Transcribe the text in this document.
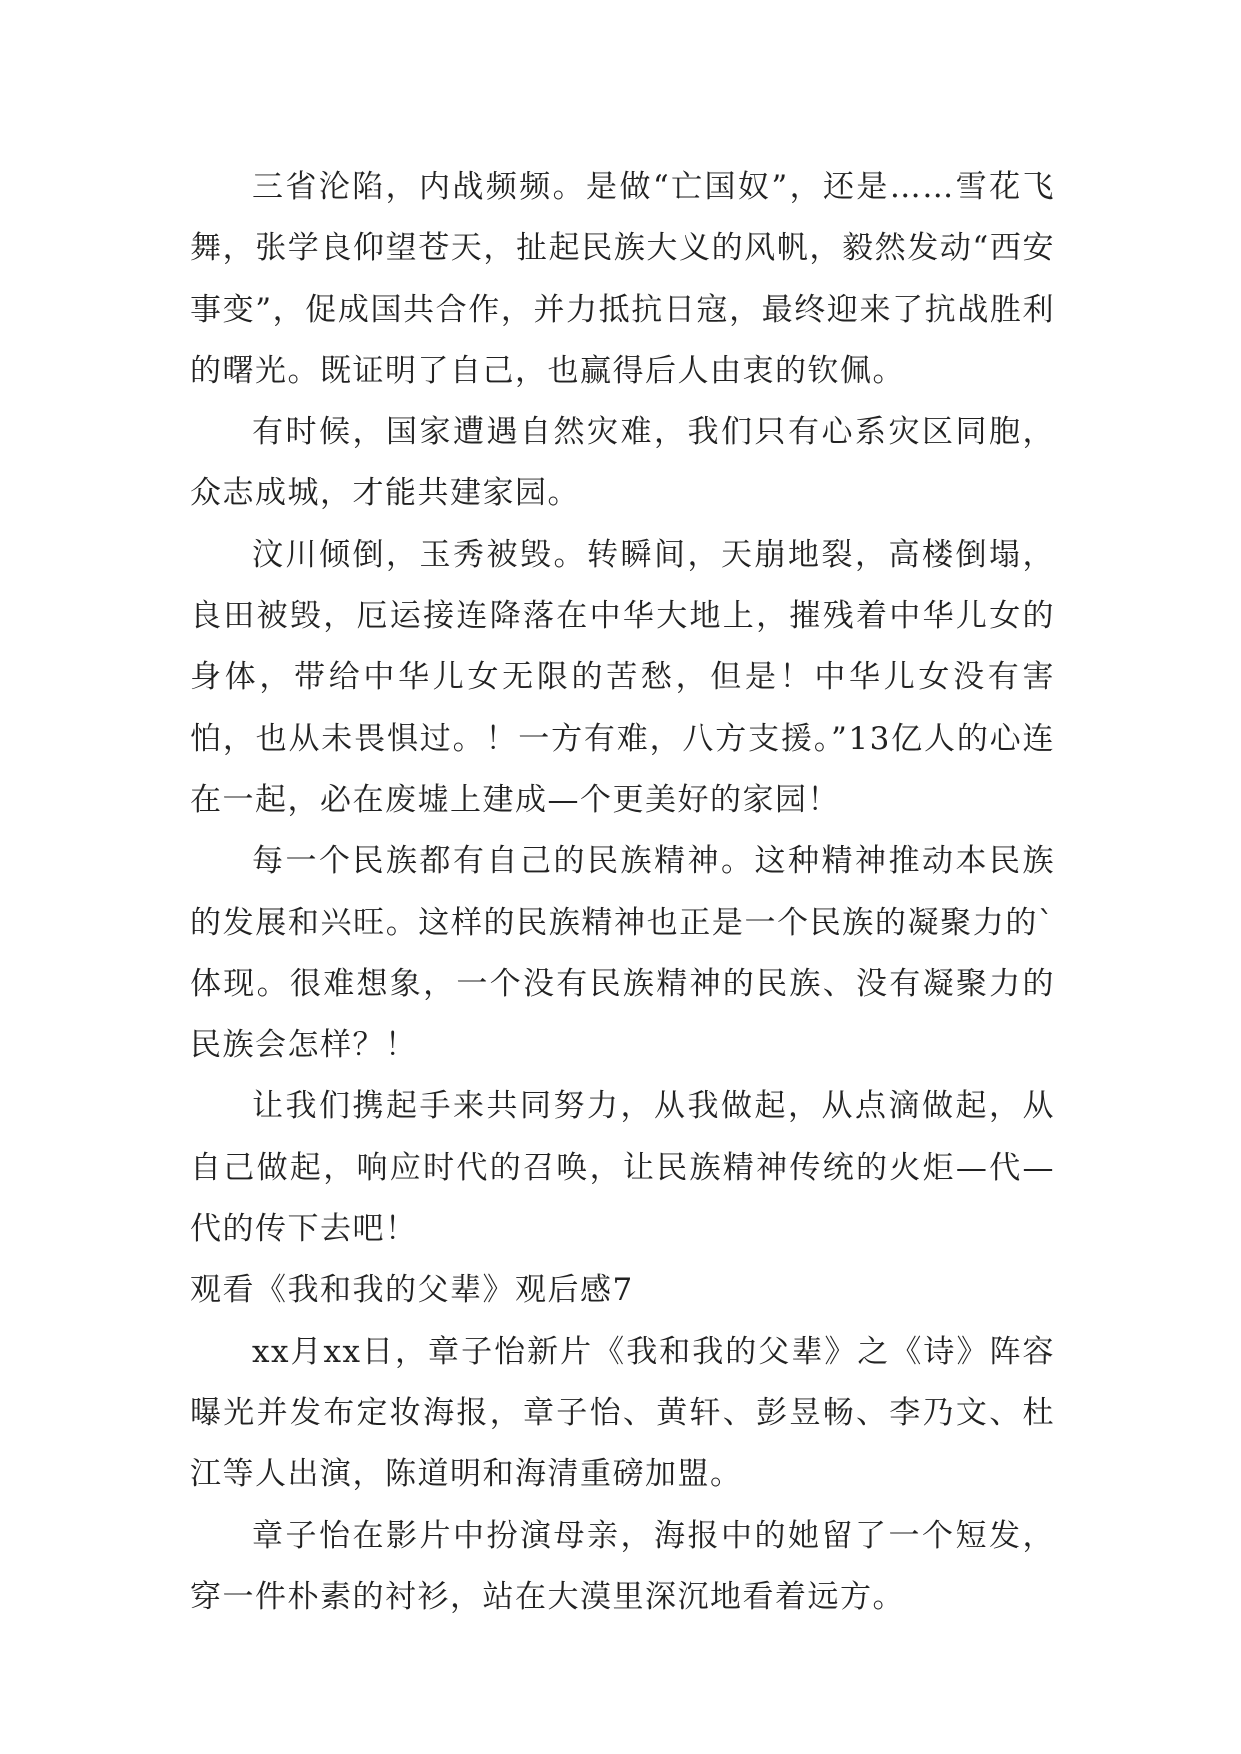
三省沦陷，内战频频。是做“亡国奴”，还是……雪花飞舞，张学良仰望苍天，扯起民族大义的风帆，毅然发动“西安事变”，促成国共合作，并力抵抗日寇，最终迎来了抗战胜利的曙光。既证明了自己，也赢得后人由衷的钦佩。

有时候，国家遭遇自然灾难，我们只有心系灾区同胞，众志成城，才能共建家园。

汶川倾倒，玉秀被毁。转瞬间，天崩地裂，高楼倒塌，良田被毁，厄运接连降落在中华大地上，摧残着中华儿女的身体，带给中华儿女无限的苦愁，但是！中华儿女没有害怕，也从未畏惧过。！一方有难，八方支援。”13亿人的心连在一起，必在废墟上建成—个更美好的家园！

每一个民族都有自己的民族精神。这种精神推动本民族的发展和兴旺。这样的民族精神也正是一个民族的凝聚力的`体现。很难想象，一个没有民族精神的民族、没有凝聚力的民族会怎样？！

让我们携起手来共同努力，从我做起，从点滴做起，从自己做起，响应时代的召唤，让民族精神传统的火炬—代—代的传下去吧！

观看《我和我的父辈》观后感7

xx月xx日，章子怡新片《我和我的父辈》之《诗》阵容曝光并发布定妆海报，章子怡、黄轩、彭昱畅、李乃文、杜江等人出演，陈道明和海清重磅加盟。

章子怡在影片中扮演母亲，海报中的她留了一个短发，穿一件朴素的衬衫，站在大漠里深沉地看着远方。
